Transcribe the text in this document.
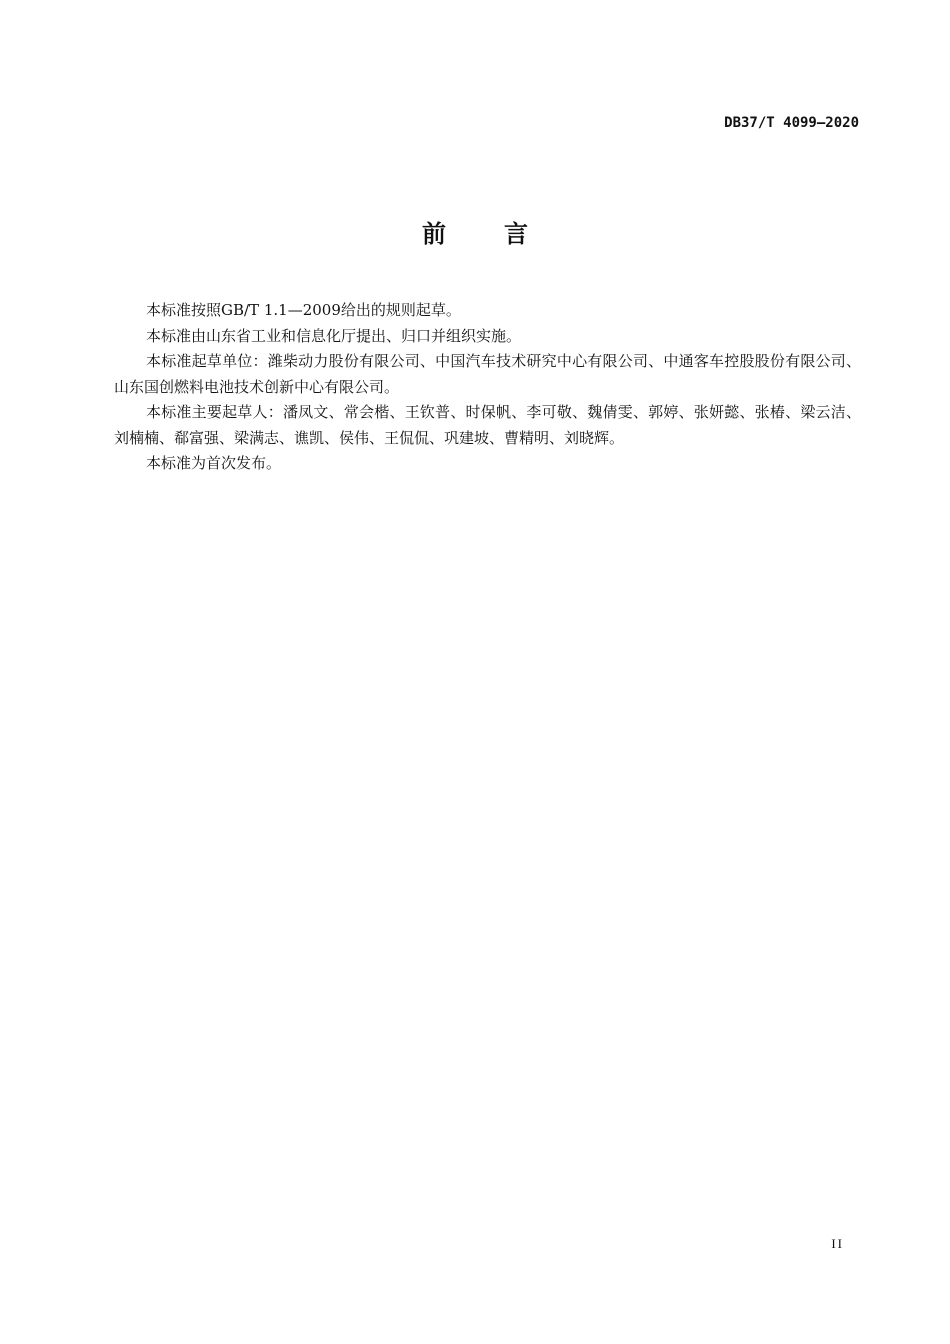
DB37/T 4099—2020
前言

本标准按照GB/T 1.1—2009给出的规则起草。

本标准由山东省工业和信息化厅提出、归口并组织实施。

本标准起草单位：潍柴动力股份有限公司、中国汽车技术研究中心有限公司、中通客车控股股份有限公司、山东国创燃料电池技术创新中心有限公司。

本标准主要起草人：潘凤文、常会楷、王钦普、时保帆、李可敬、魏倩雯、郭婷、张妍懿、张椿、梁云洁、刘楠楠、郗富强、梁满志、谯凯、侯伟、王侃侃、巩建坡、曹精明、刘晓辉。

本标准为首次发布。

II
